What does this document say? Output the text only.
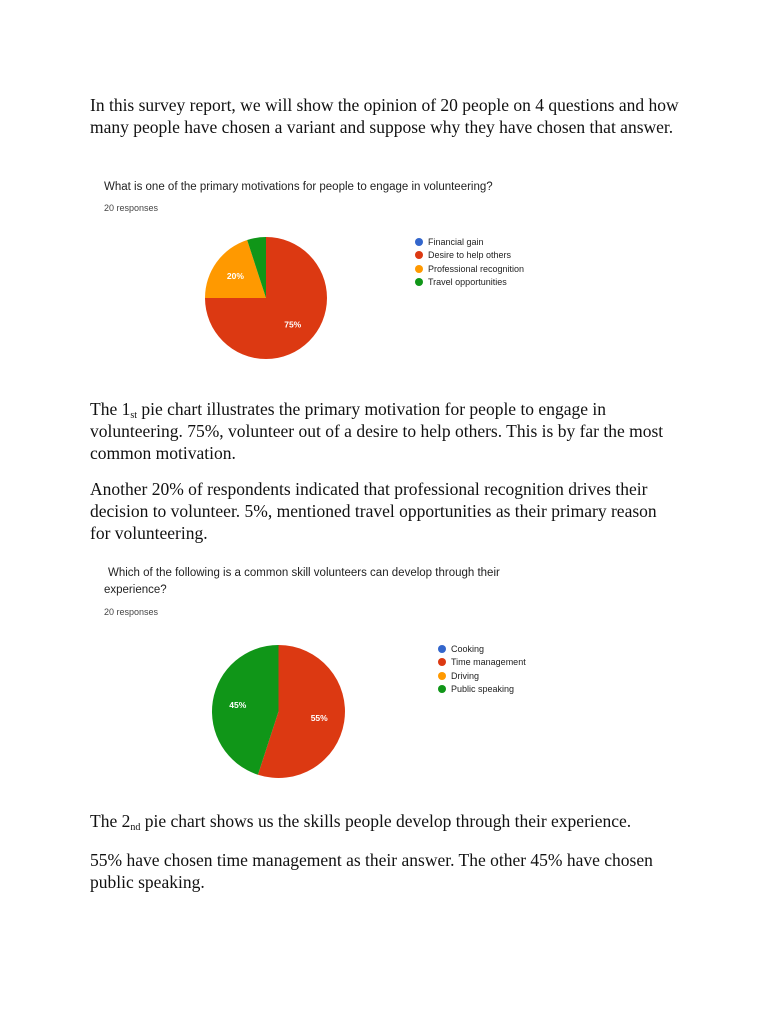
In this survey report, we will show the opinion of 20 people on 4 questions and how many people have chosen a variant and suppose why they have chosen that answer.

What is one of the primary motivations for people to engage in volunteering?

20 responses

75%
20%
Financial gain
Desire to help others
Professional recognition
Travel opportunities

The $1_{st}$ pie chart illustrates the primary motivation for people to engage in volunteering. 75%, volunteer out of a desire to help others. This is by far the most common motivation.

Another 20% of respondents indicated that professional recognition drives their decision to volunteer. 5%, mentioned travel opportunities as their primary reason for volunteering.

Which of the following is a common skill volunteers can develop through their experience?

20 responses

55%
45%
Cooking
Time management
Driving
Public speaking

The $2_{nd}$ pie chart shows us the skills people develop through their experience.

55% have chosen time management as their answer. The other 45% have chosen public speaking.
